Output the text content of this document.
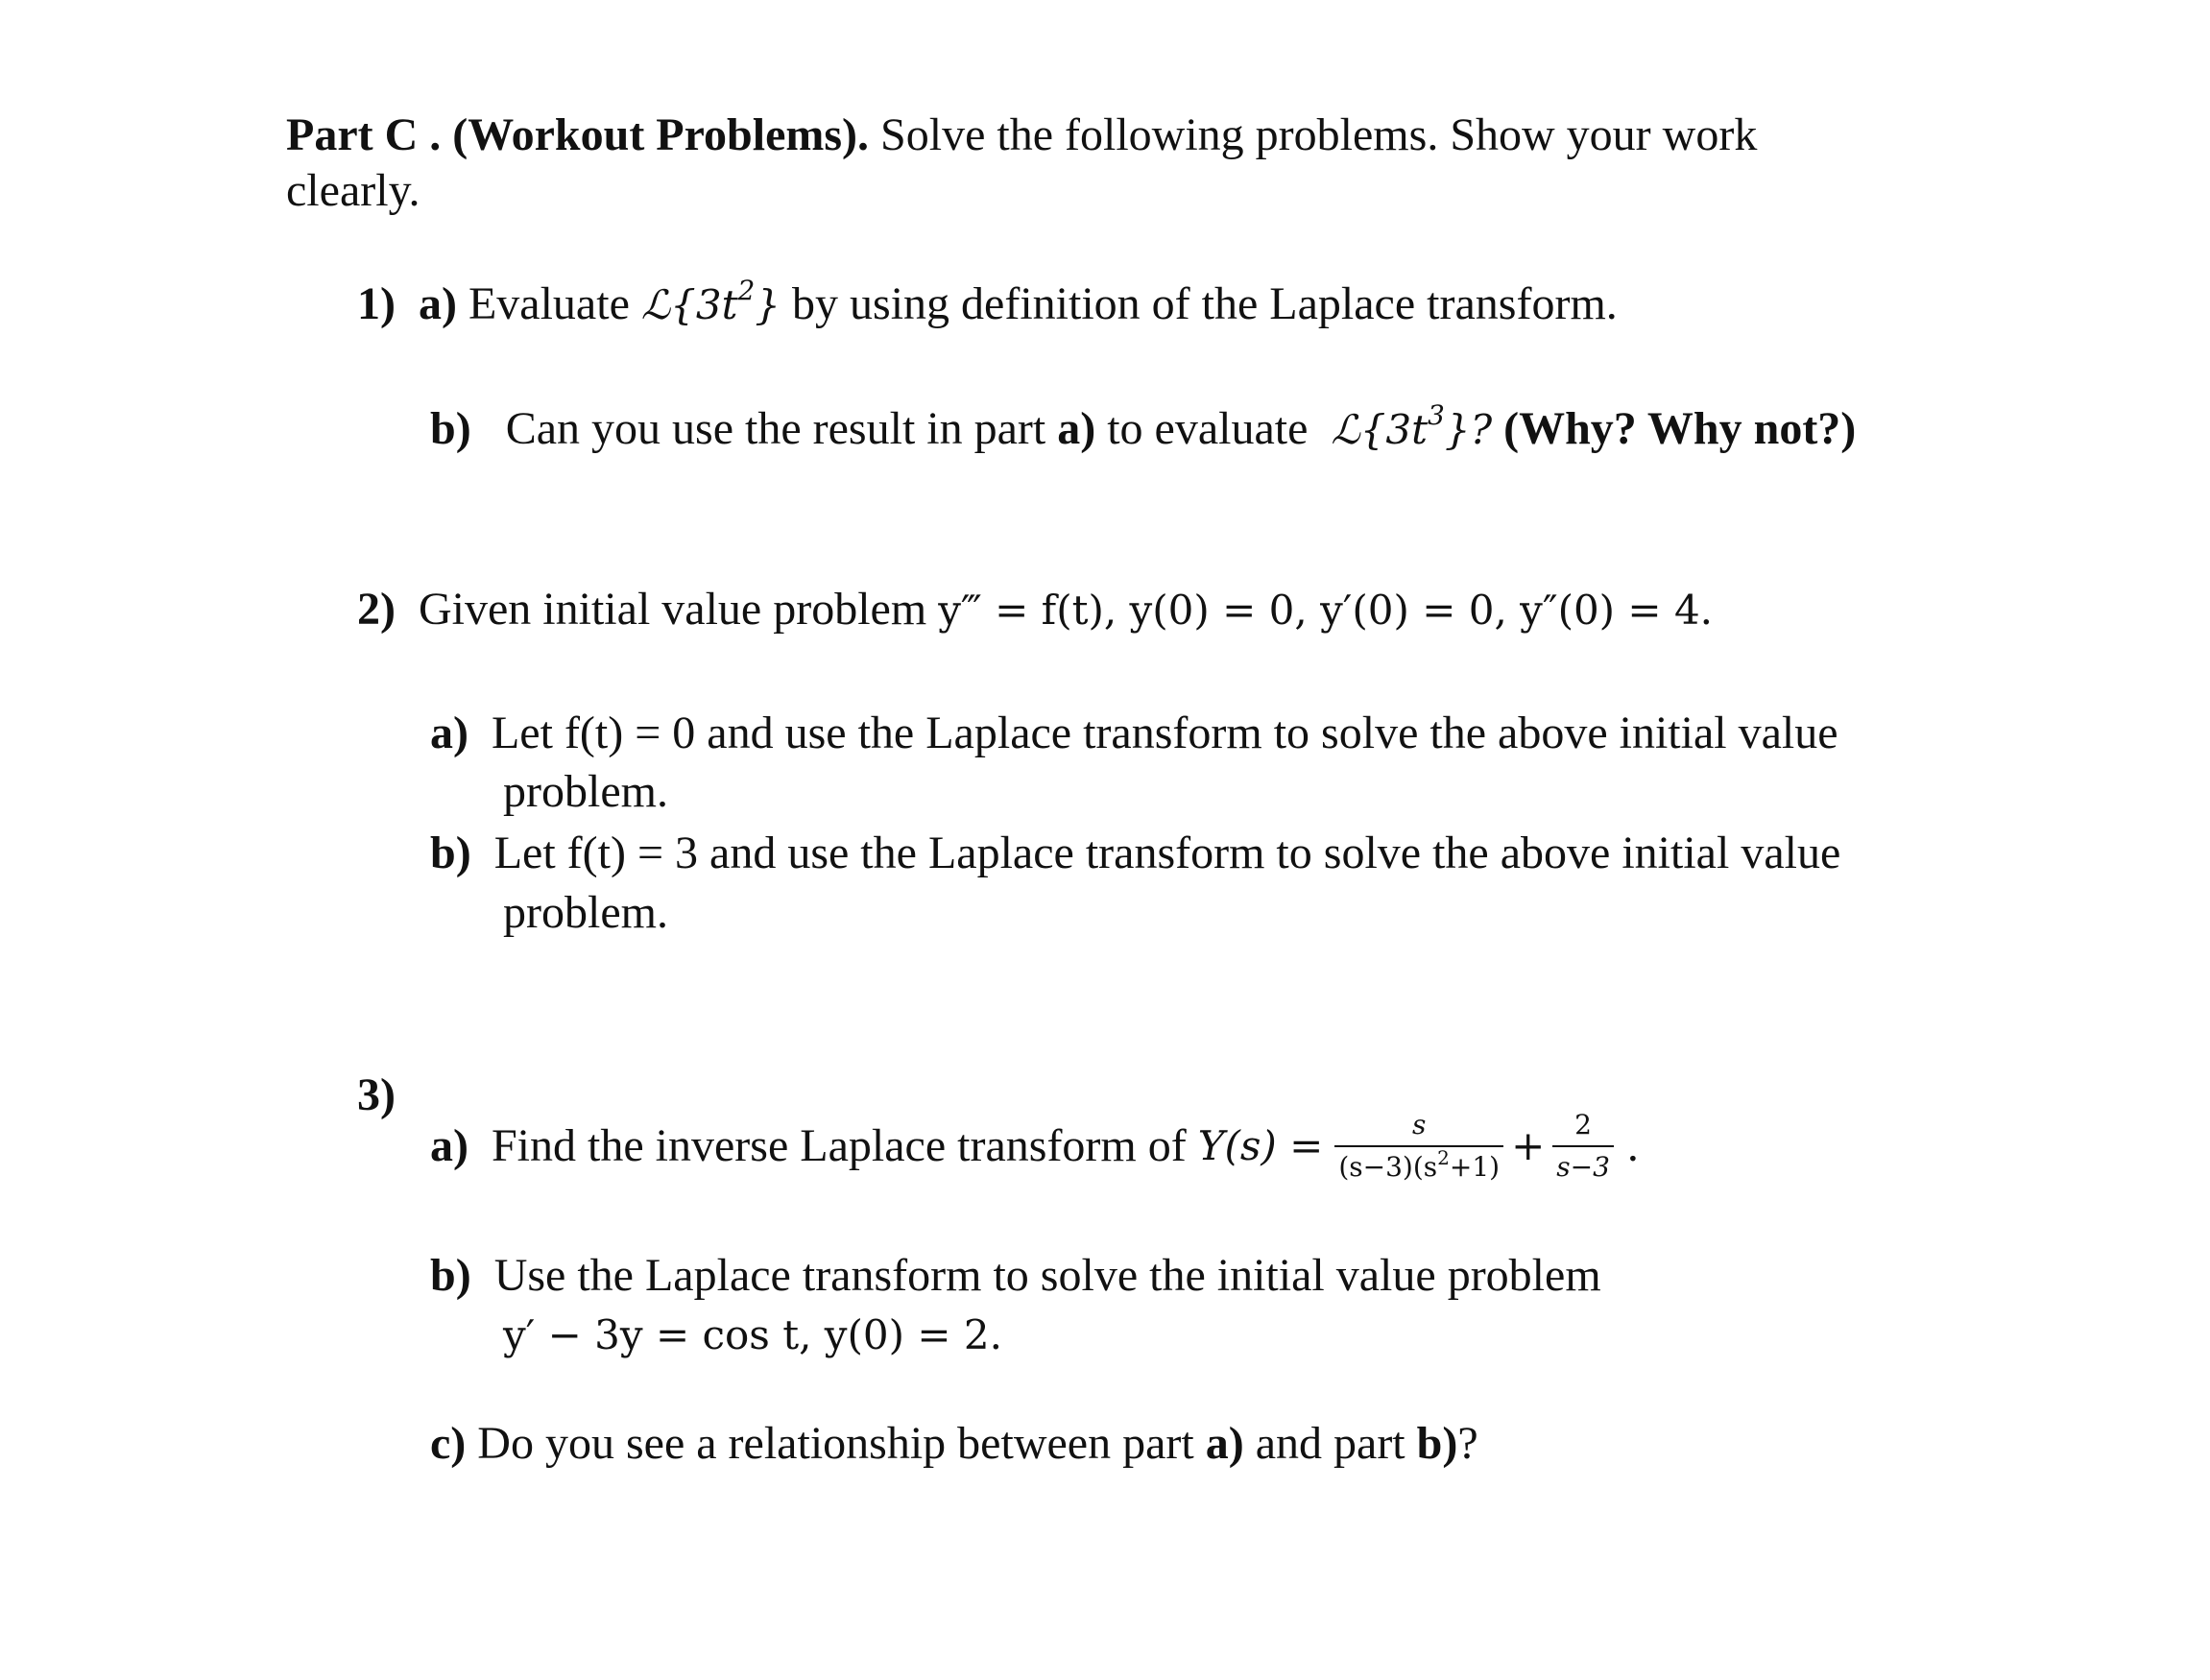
Part C . (Workout Problems). Solve the following problems. Show your work
clearly.
1) a) Evaluate $ℒ\{3t^2\}$ by using definition of the Laplace transform.
b) Can you use the result in part a) to evaluate $ℒ\{3t^3\}$? (Why? Why not?)
2) Given initial value problem y‴ = f(t), y(0) = 0, y′(0) = 0, y″(0) = 4.
a) Let f(t) = 0 and use the Laplace transform to solve the above initial value
problem.
b) Let f(t) = 3 and use the Laplace transform to solve the above initial value
problem.
3)
a)
Find the inverse Laplace transform of
Y(s) =
$\frac{s}{(s-3)(s^2+1)} + \frac{2}{s-3}$ .
b) Use the Laplace transform to solve the initial value problem
y′ − 3y = cos t, y(0) = 2.
c) Do you see a relationship between part a) and part b)?
